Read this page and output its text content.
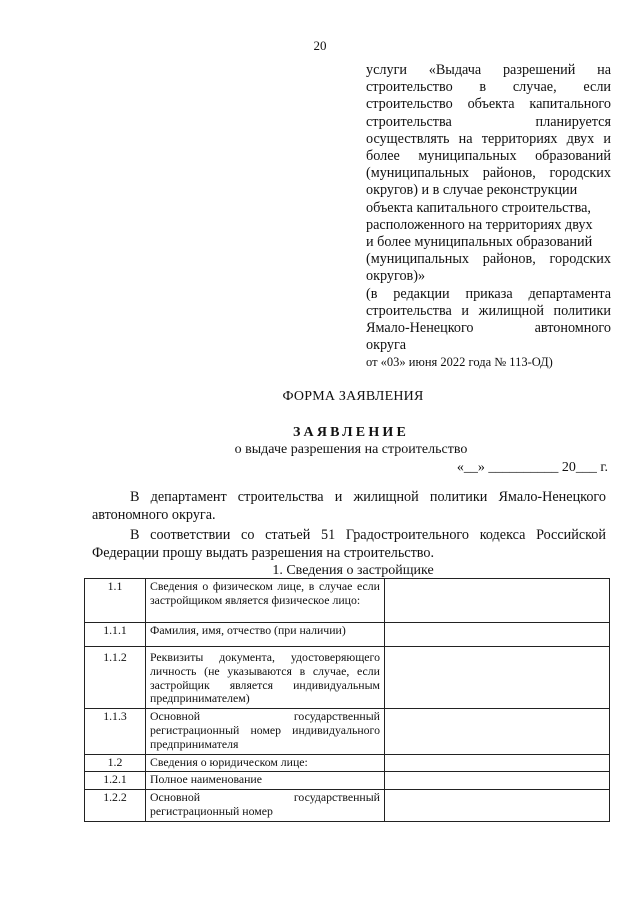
20
услуги «Выдача разрешений на
строительство в случае, если
строительство объекта капитального
строительства планируется
осуществлять на территориях двух и
более муниципальных образований
(муниципальных районов, городских
округов) и в случае реконструкции
объекта капитального строительства,
расположенного на территориях двух
и более муниципальных образований
(муниципальных районов, городских
округов)»
(в редакции приказа департамента
строительства и жилищной политики
Ямало-Ненецкого автономного
округа
от «03» июня 2022 года № 113-ОД)
ФОРМА ЗАЯВЛЕНИЯ
ЗАЯВЛЕНИЕ
о выдаче разрешения на строительство
«__» __________ 20___ г.
В департамент строительства и жилищной политики Ямало-Ненецкого
автономного округа.
В соответствии со статьей 51 Градостроительного кодекса Российской
Федерации прошу выдать разрешения на строительство.
1. Сведения о застройщике
1.1	Сведения о физическом лице, в случае если застройщиком является физическое лицо:	
1.1.1	Фамилия, имя, отчество (при наличии)	
1.1.2	Реквизиты документа, удостоверяющего личность (не указываются в случае, если застройщик является индивидуальным предпринимателем)	
1.1.3	Основной государственный регистрационный номер индивидуального предпринимателя	
1.2	Сведения о юридическом лице:	
1.2.1	Полное наименование	
1.2.2	Основной государственный регистрационный номер	
